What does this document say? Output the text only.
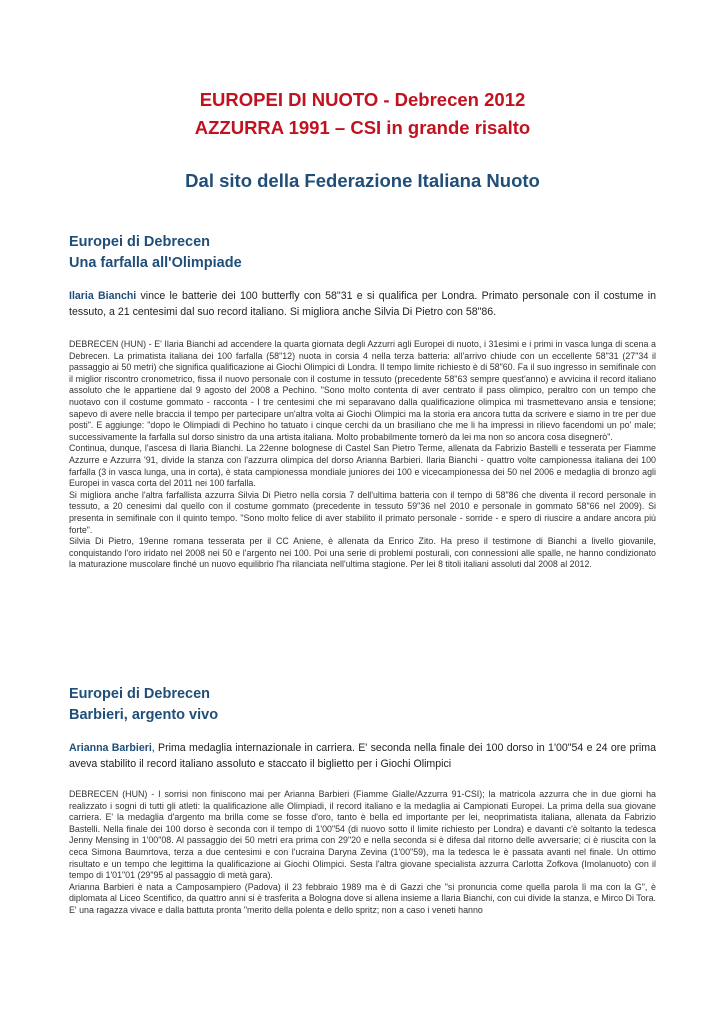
EUROPEI DI NUOTO - Debrecen 2012
AZZURRA 1991 – CSI in grande risalto
Dal sito della Federazione Italiana Nuoto
Europei di Debrecen
Una farfalla all'Olimpiade
Ilaria Bianchi vince le batterie dei 100 butterfly con 58"31 e si qualifica per Londra. Primato personale con il costume in tessuto, a 21 centesimi dal suo record italiano. Si migliora anche Silvia Di Pietro con 58"86.

DEBRECEN (HUN) - E' Ilaria Bianchi ad accendere la quarta giornata degli Azzurri agli Europei di nuoto, i 31esimi e i primi in vasca lunga di scena a Debrecen. La primatista italiana dei 100 farfalla (58"12) nuota in corsia 4 nella terza batteria: all'arrivo chiude con un eccellente 58"31 (27"34 il passaggio ai 50 metri) che significa qualificazione ai Giochi Olimpici di Londra. Il tempo limite richiesto è di 58"60. Fa il suo ingresso in semifinale con il miglior riscontro cronometrico, fissa il nuovo personale con il costume in tessuto (precedente 58"63 sempre quest'anno) e avvicina il record italiano assoluto che le appartiene dal 9 agosto del 2008 a Pechino. "Sono molto contenta di aver centrato il pass olimpico, peraltro con un tempo che nuotavo con il costume gommato - racconta - I tre centesimi che mi separavano dalla qualificazione olimpica mi trasmettevano ansia e tensione; sapevo di avere nelle braccia il tempo per partecipare un'altra volta ai Giochi Olimpici ma la storia era ancora tutta da scrivere e siamo in tre per due posti". E aggiunge: "dopo le Olimpiadi di Pechino ho tatuato i cinque cerchi da un brasiliano che me li ha impressi in rilievo facendomi un po' male; successivamente la farfalla sul dorso sinistro da una artista italiana. Molto probabilmente tornerò da lei ma non so ancora cosa disegnerò".

Continua, dunque, l'ascesa di Ilaria Bianchi. La 22enne bolognese di Castel San Pietro Terme, allenata da Fabrizio Bastelli e tesserata per Fiamme Azzurre e Azzurra '91, divide la stanza con l'azzurra olimpica del dorso Arianna Barbieri. Ilaria Bianchi - quattro volte campionessa italiana dei 100 farfalla (3 in vasca lunga, una in corta), è stata campionessa mondiale juniores dei 100 e vicecampionessa dei 50 nel 2006 e medaglia di bronzo agli Europei in vasca corta del 2011 nei 100 farfalla.

Si migliora anche l'altra farfallista azzurra Silvia Di Pietro nella corsia 7 dell'ultima batteria con il tempo di 58"86 che diventa il record personale in tessuto, a 20 cenesimi dal quello con il costume gommato (precedente in tessuto 59"36 nel 2010 e personale in gommato 58"66 nel 2009). Si presenta in semifinale con il quinto tempo. "Sono molto felice di aver stabilito il primato personale - sorride - e spero di riuscire a andare ancora più forte".

Silvia Di Pietro, 19enne romana tesserata per il CC Aniene, è allenata da Enrico Zito. Ha preso il testimone di Bianchi a livello giovanile, conquistando l'oro iridato nel 2008 nei 50 e l'argento nei 100. Poi una serie di problemi posturali, con connessioni alle spalle, ne hanno condizionato la maturazione muscolare finché un nuovo equilibrio l'ha rilanciata nell'ultima stagione. Per lei 8 titoli italiani assoluti dal 2008 al 2012.

Europei di Debrecen
Barbieri, argento vivo
Arianna Barbieri, Prima medaglia internazionale in carriera. E' seconda nella finale dei 100 dorso in 1'00"54 e 24 ore prima aveva stabilito il record italiano assoluto e staccato il biglietto per i Giochi Olimpici

DEBRECEN (HUN) - I sorrisi non finiscono mai per Arianna Barbieri (Fiamme Gialle/Azzurra 91-CSI); la matricola azzurra che in due giorni ha realizzato i sogni di tutti gli atleti: la qualificazione alle Olimpiadi, il record italiano e la medaglia ai Campionati Europei. La prima della sua giovane carriera. E' la medaglia d'argento ma brilla come se fosse d'oro, tanto è bella ed importante per lei, neoprimatista italiana, allenata da Fabrizio Bastelli. Nella finale dei 100 dorso è seconda con il tempo di 1'00"54 (di nuovo sotto il limite richiesto per Londra) e davanti c'è soltanto la tedesca Jenny Mensing in 1'00"08. Al passaggio dei 50 metri era prima con 29"20 e nella seconda si è difesa dal ritorno delle avversarie; ci è riuscita con la ceca Simona Baumrtova, terza a due centesimi e con l'ucraina Daryna Zevina (1'00"59), ma la tedesca le è passata avanti nel finale. Un ottimo risultato e un tempo che legittima la qualificazione ai Giochi Olimpici. Sesta l'altra giovane specialista azzurra Carlotta Zofkova (Imolanuoto) con il tempo di 1'01"01 (29"95 al passaggio di metà gara).

Arianna Barbieri è nata a Camposampiero (Padova) il 23 febbraio 1989 ma è di Gazzi che "si pronuncia come quella parola lì ma con la G", è diplomata al Liceo Scentifico, da quattro anni si è trasferita a Bologna dove si allena insieme a Ilaria Bianchi, con cui divide la stanza, e Mirco Di Tora. E' una ragazza vivace e dalla battuta pronta "merito della polenta e dello spritz; non a caso i veneti hanno
